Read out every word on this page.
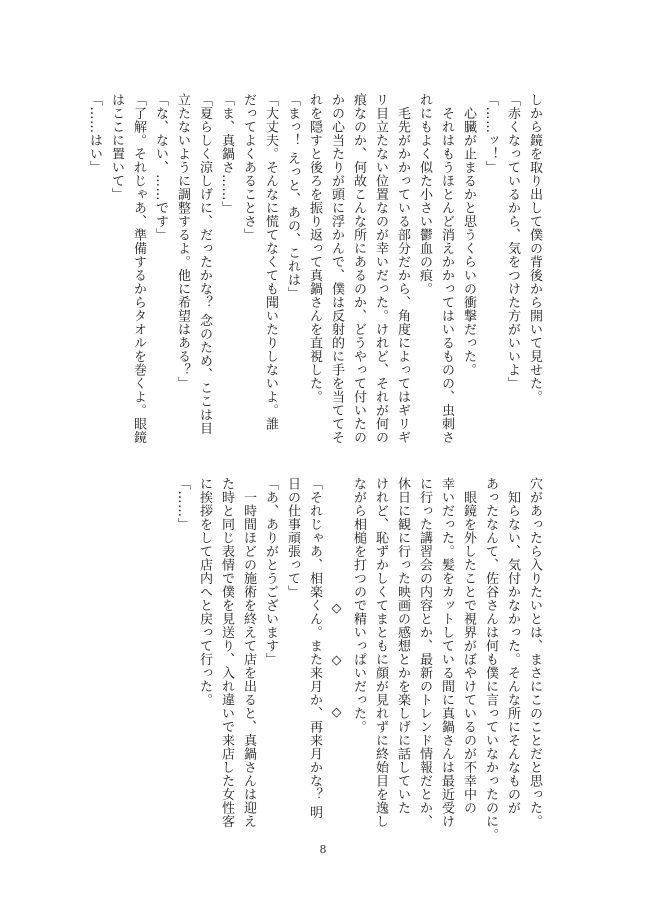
しから鏡を取り出して僕の背後から開いて見せた。

「赤くなっているから、気をつけた方がいいよ」

「……ッ！」

　心臓が止まるかと思うくらいの衝撃だった。

　それはもうほとんど消えかかってはいるものの、虫刺さ

れにもよく似た小さい鬱血の痕。

　毛先がかかっている部分だから、角度によってはギリギ

リ目立たない位置なのが幸いだった。けれど、それが何の

痕なのか、何故こんな所にあるのか、どうやって付いたの

かの心当たりが頭に浮かんで、僕は反射的に手を当ててそ

れを隠すと後ろを振り返って真鍋さんを直視した。

「まっ！ えっと、あの、これは」

「大丈夫。そんなに慌てなくても聞いたりしないよ。誰

だってよくあることさ」

「ま、真鍋さ……」

「夏らしく涼しげに、だったかな？ 念のため、ここは目

立たないように調整するよ。他に希望はある？」

「な、ない、……です」

「了解。それじゃあ、準備するからタオルを巻くよ。眼鏡

はここに置いて」

「……はい」

穴があったら入りたいとは、まさにこのことだと思った。

　知らない、気付かなかった。そんな所にそんなものが

あったなんて、佐谷さんは何も僕に言っていなかったのに。

　眼鏡を外したことで視界がぼやけているのが不幸中の

幸いだった。髪をカットしている間に真鍋さんは最近受け

に行った講習会の内容とか、最新のトレンド情報だとか、

休日に観に行った映画の感想とかを楽しげに話していた

けれど、恥ずかしくてまともに顔が見れずに終始目を逸し

ながら相槌を打つので精いっぱいだった。

◇　◇　◇

「それじゃあ、相楽くん。また来月か、再来月かな？ 明

日の仕事頑張って」

「あ、ありがとうございます」

　一時間ほどの施術を終えて店を出ると、真鍋さんは迎え

た時と同じ表情で僕を見送り、入れ違いで来店した女性客

に挨拶をして店内へと戻って行った。

「……」

8
